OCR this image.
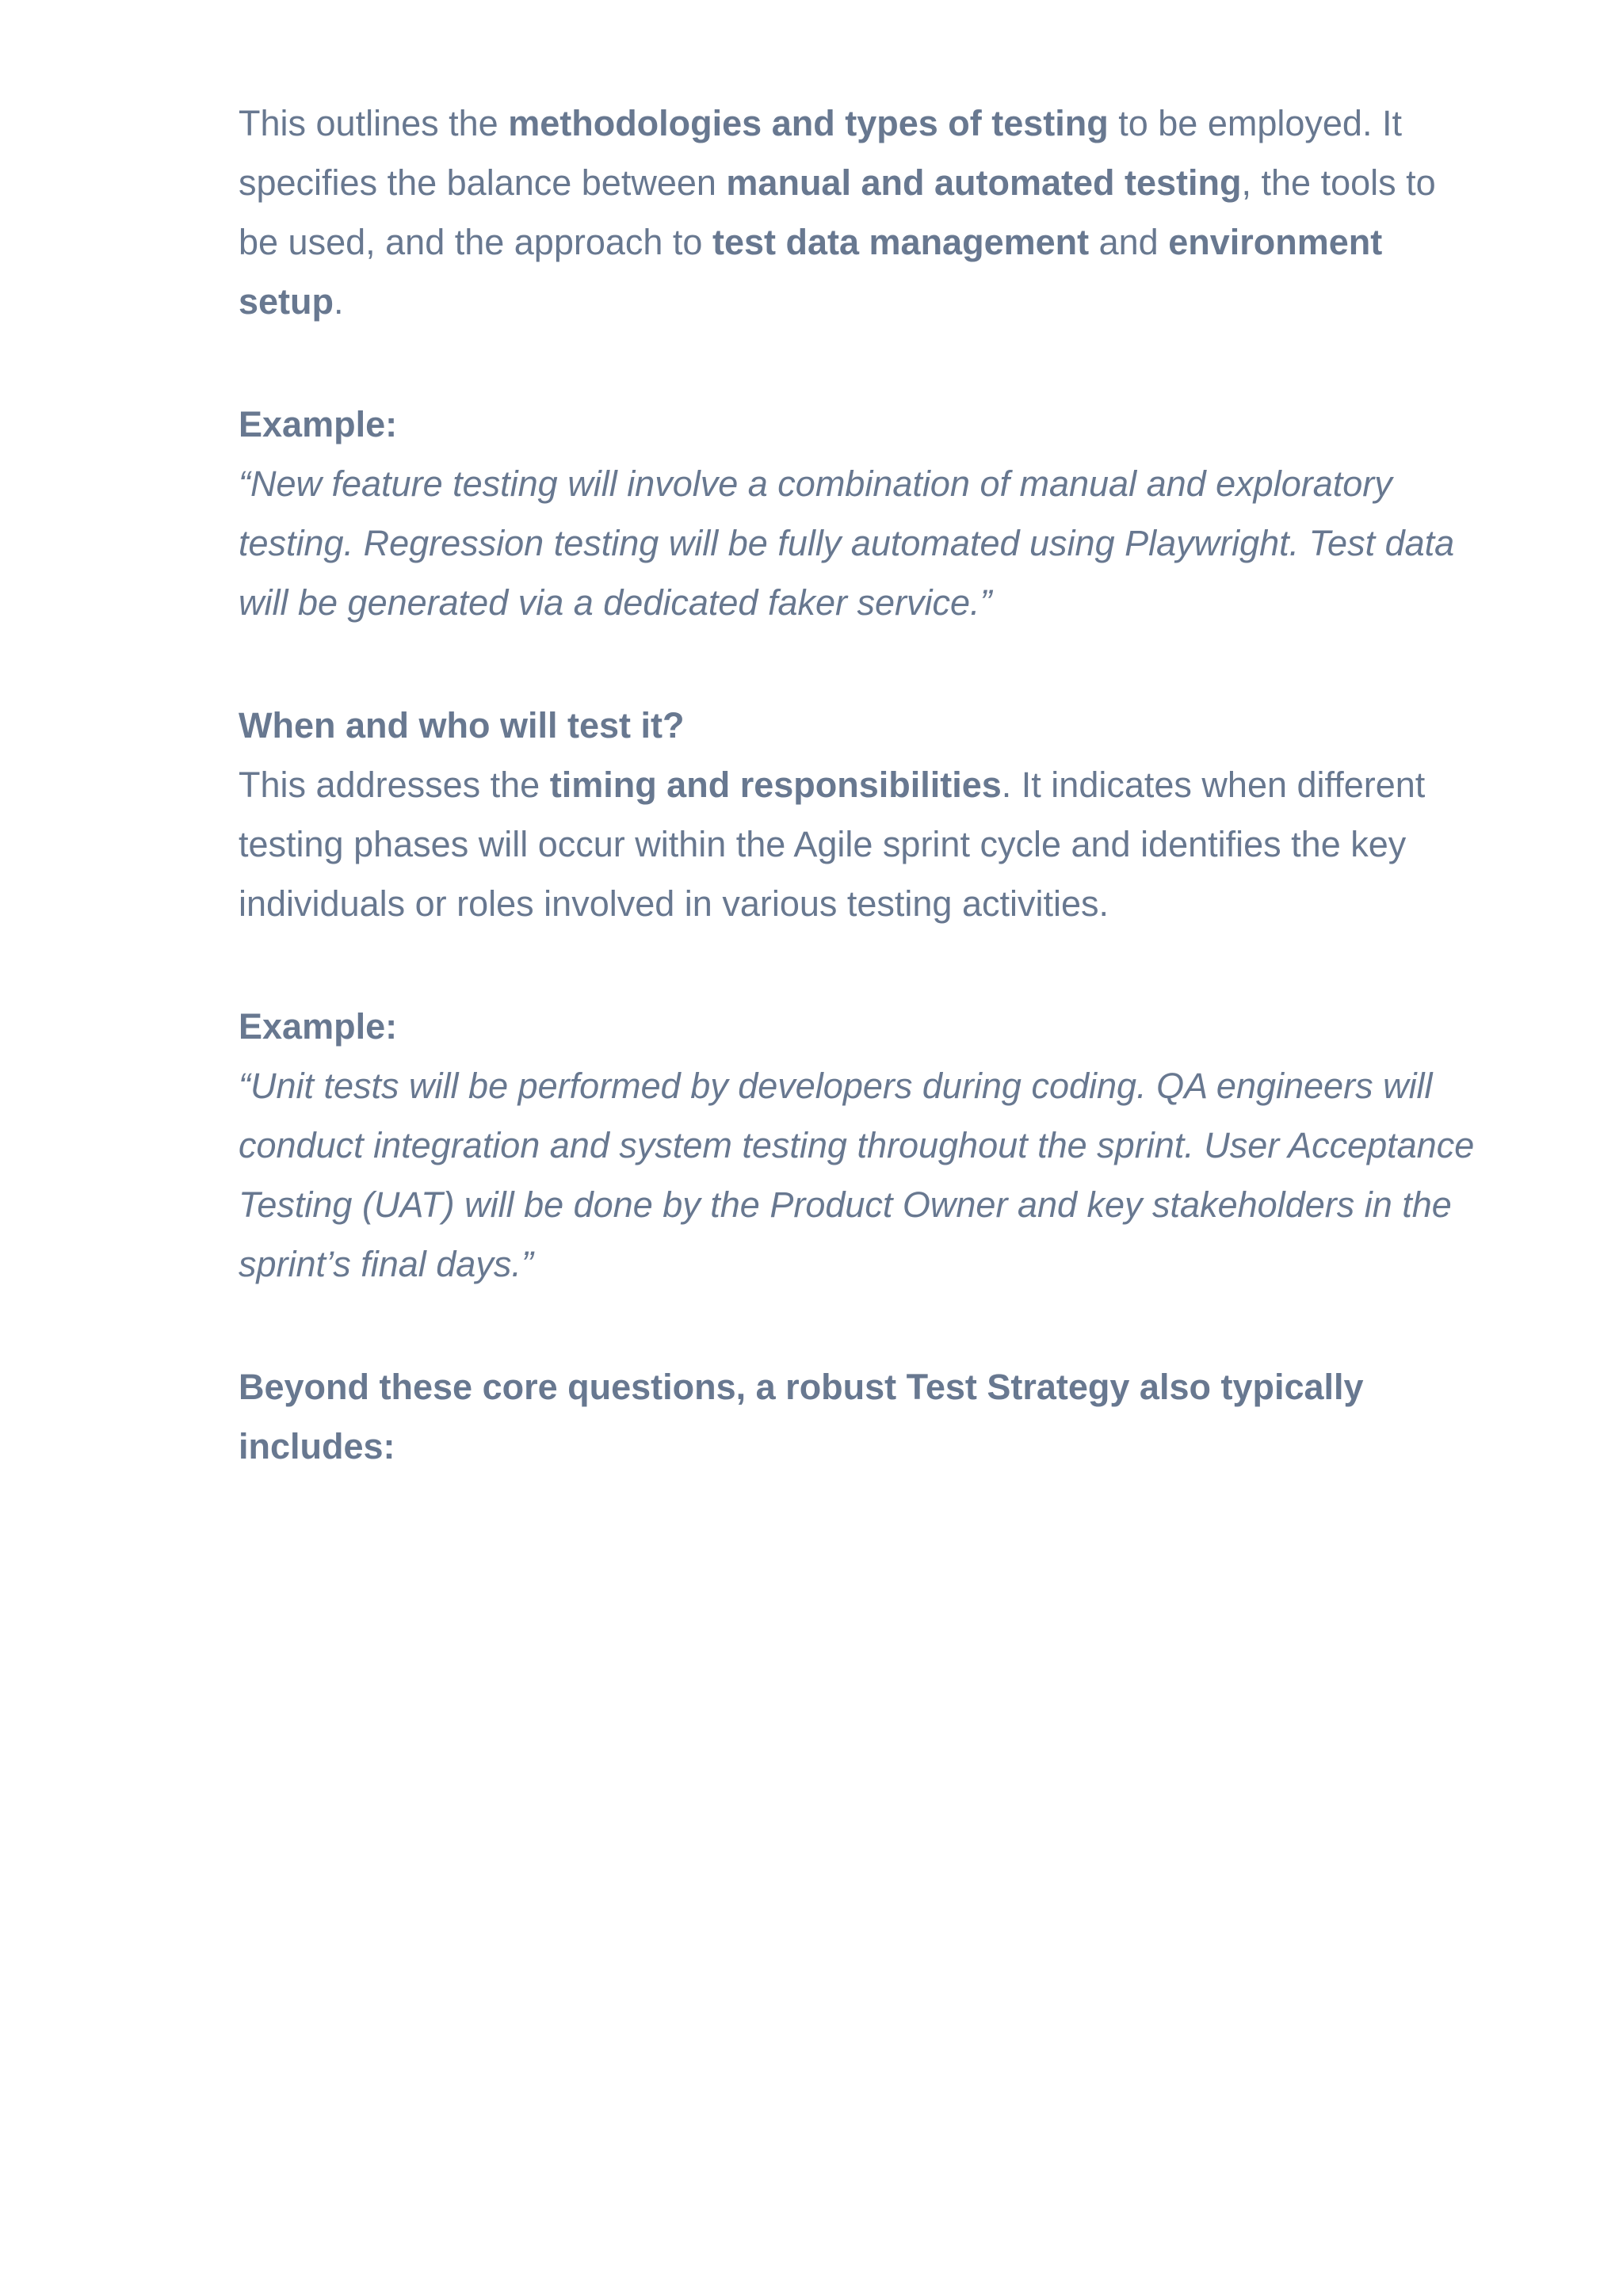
This outlines the methodologies and types of testing to be employed. It specifies the balance between manual and automated testing, the tools to be used, and the approach to test data management and environment setup.

Example:

“New feature testing will involve a combination of manual and exploratory testing. Regression testing will be fully automated using Playwright. Test data will be generated via a dedicated faker service.”

When and who will test it?

This addresses the timing and responsibilities. It indicates when different testing phases will occur within the Agile sprint cycle and identifies the key individuals or roles involved in various testing activities.

Example:

“Unit tests will be performed by developers during coding. QA engineers will conduct integration and system testing throughout the sprint. User Acceptance Testing (UAT) will be done by the Product Owner and key stakeholders in the sprint’s final days.”

Beyond these core questions, a robust Test Strategy also typically includes:
